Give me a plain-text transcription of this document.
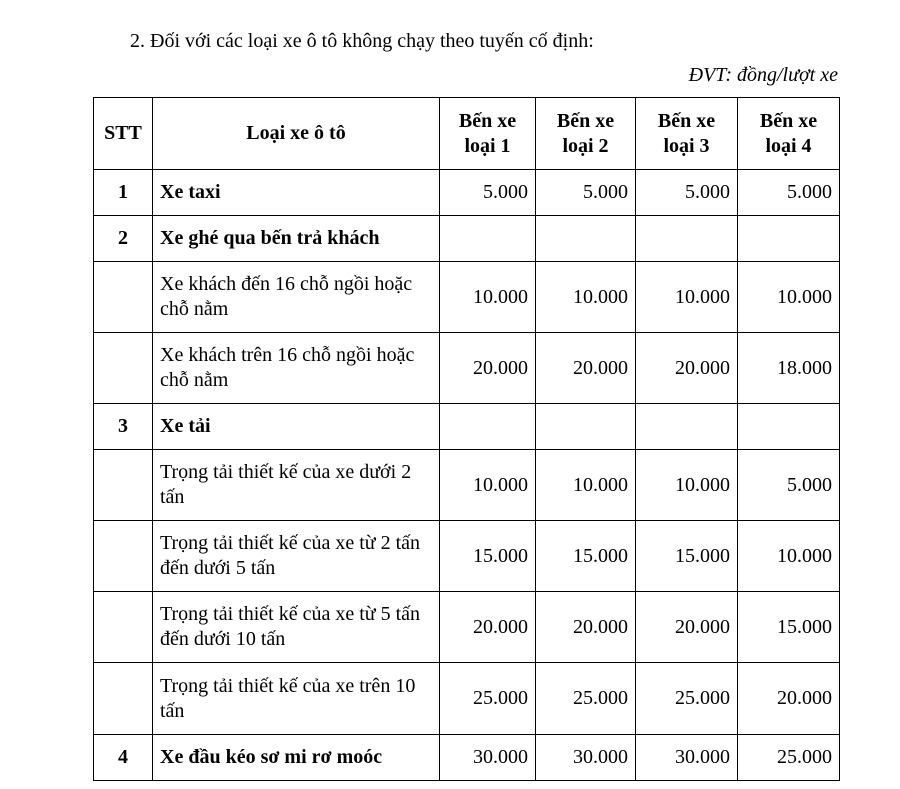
2. Đối với các loại xe ô tô không chạy theo tuyến cố định:
ĐVT: đồng/lượt xe
STT	Loại xe ô tô	Bến xe loại 1	Bến xe loại 2	Bến xe loại 3	Bến xe loại 4
1	Xe taxi	5.000	5.000	5.000	5.000
2	Xe ghé qua bến trả khách				
	Xe khách đến 16 chỗ ngồi hoặc chỗ nằm	10.000	10.000	10.000	10.000
	Xe khách trên 16 chỗ ngồi hoặc chỗ nằm	20.000	20.000	20.000	18.000
3	Xe tải				
	Trọng tải thiết kế của xe dưới 2 tấn	10.000	10.000	10.000	5.000
	Trọng tải thiết kế của xe từ 2 tấn đến dưới 5 tấn	15.000	15.000	15.000	10.000
	Trọng tải thiết kế của xe từ 5 tấn đến dưới 10 tấn	20.000	20.000	20.000	15.000
	Trọng tải thiết kế của xe trên 10 tấn	25.000	25.000	25.000	20.000
4	Xe đầu kéo sơ mi rơ moóc	30.000	30.000	30.000	25.000
